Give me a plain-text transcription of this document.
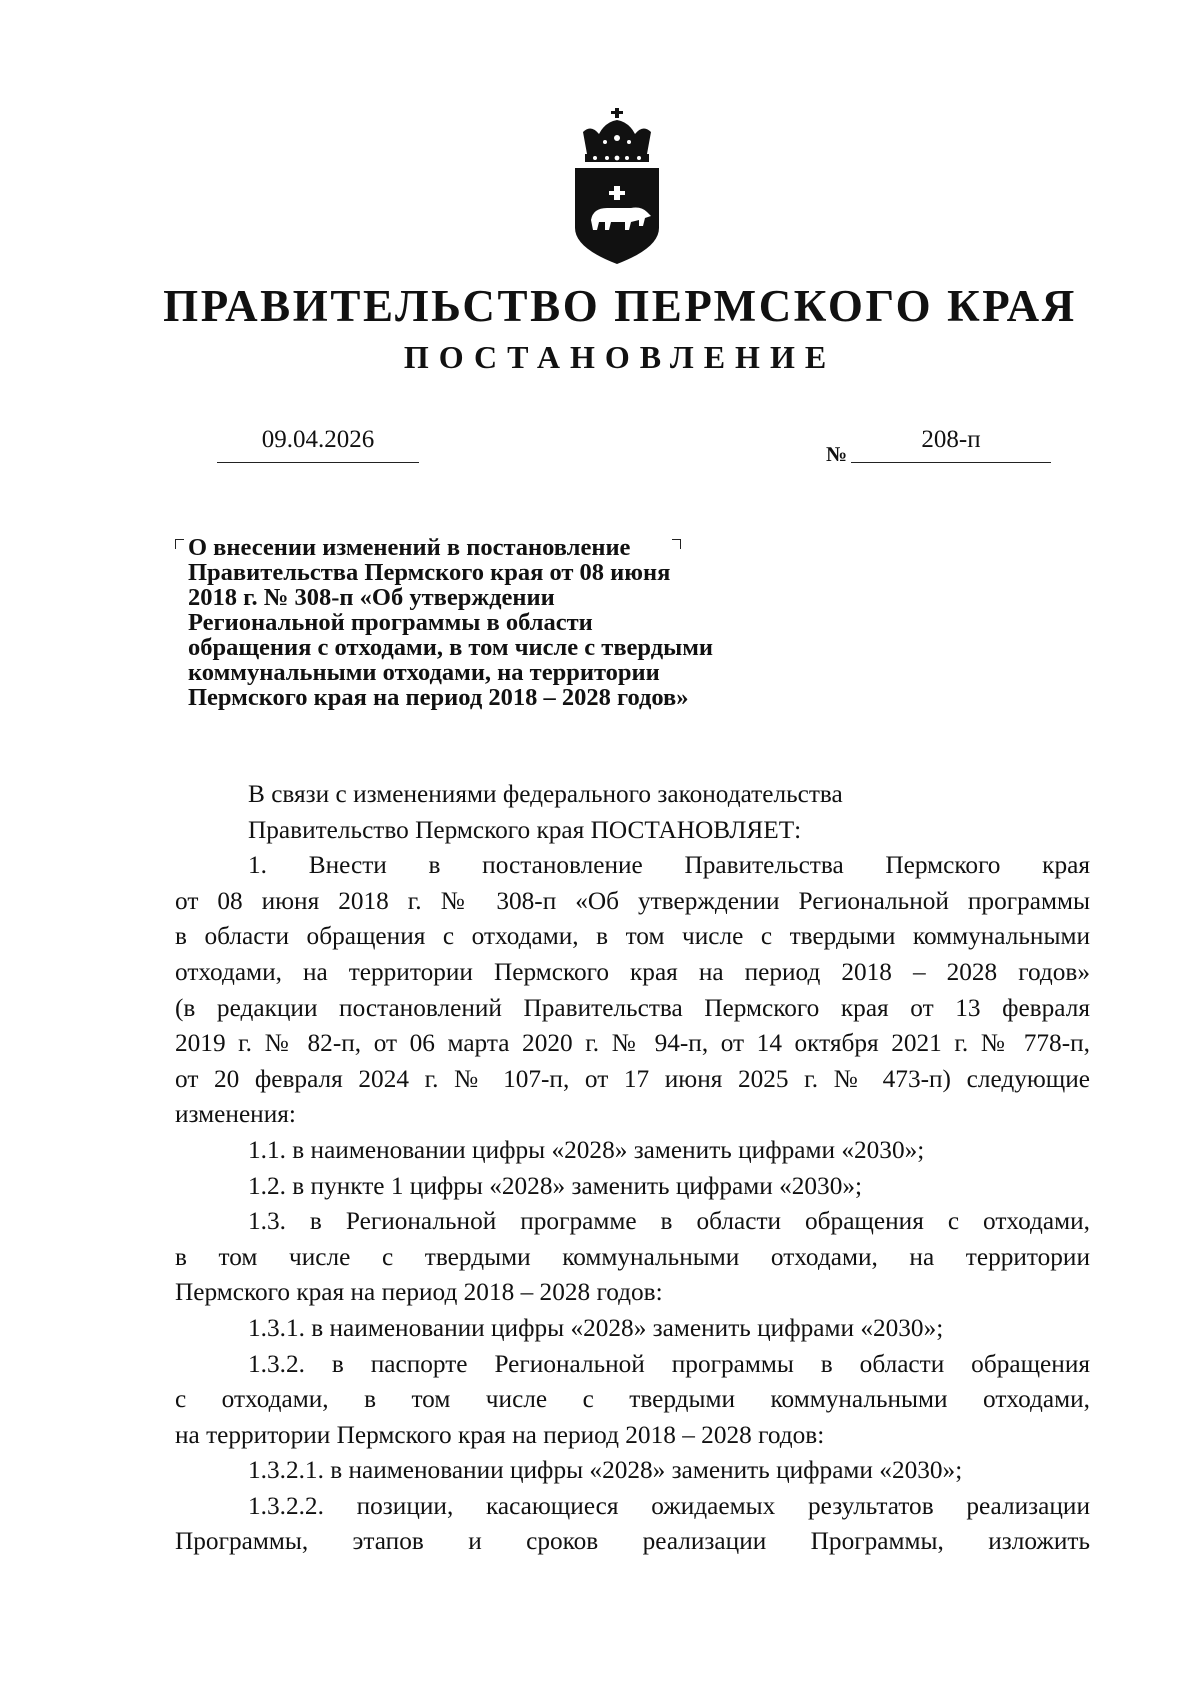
ПРАВИТЕЛЬСТВО ПЕРМСКОГО КРАЯ
ПОСТАНОВЛЕНИЕ
09.04.2026
№
208-п
О внесении изменений в постановление
Правительства Пермского края от 08 июня
2018 г. № 308-п «Об утверждении
Региональной программы в области
обращения с отходами, в том числе с твердыми
коммунальными отходами, на территории
Пермского края на период 2018 – 2028 годов»

В связи с изменениями федерального законодательства

Правительство Пермского края ПОСТАНОВЛЯЕТ:

1. Внести в постановление Правительства Пермского края
от 08 июня 2018 г. № 308-п «Об утверждении Региональной программы
в области обращения с отходами, в том числе с твердыми коммунальными
отходами, на территории Пермского края на период 2018 – 2028 годов»
(в редакции постановлений Правительства Пермского края от 13 февраля
2019 г. № 82-п, от 06 марта 2020 г. № 94-п, от 14 октября 2021 г. № 778-п,
от 20 февраля 2024 г. № 107-п, от 17 июня 2025 г. № 473-п) следующие
изменения:

1.1. в наименовании цифры «2028» заменить цифрами «2030»;

1.2. в пункте 1 цифры «2028» заменить цифрами «2030»;

1.3. в Региональной программе в области обращения с отходами,
в том числе с твердыми коммунальными отходами, на территории
Пермского края на период 2018 – 2028 годов:

1.3.1. в наименовании цифры «2028» заменить цифрами «2030»;

1.3.2. в паспорте Региональной программы в области обращения
с отходами, в том числе с твердыми коммунальными отходами,
на территории Пермского края на период 2018 – 2028 годов:

1.3.2.1. в наименовании цифры «2028» заменить цифрами «2030»;

1.3.2.2. позиции, касающиеся ожидаемых результатов реализации
Программы, этапов и сроков реализации Программы, изложить
